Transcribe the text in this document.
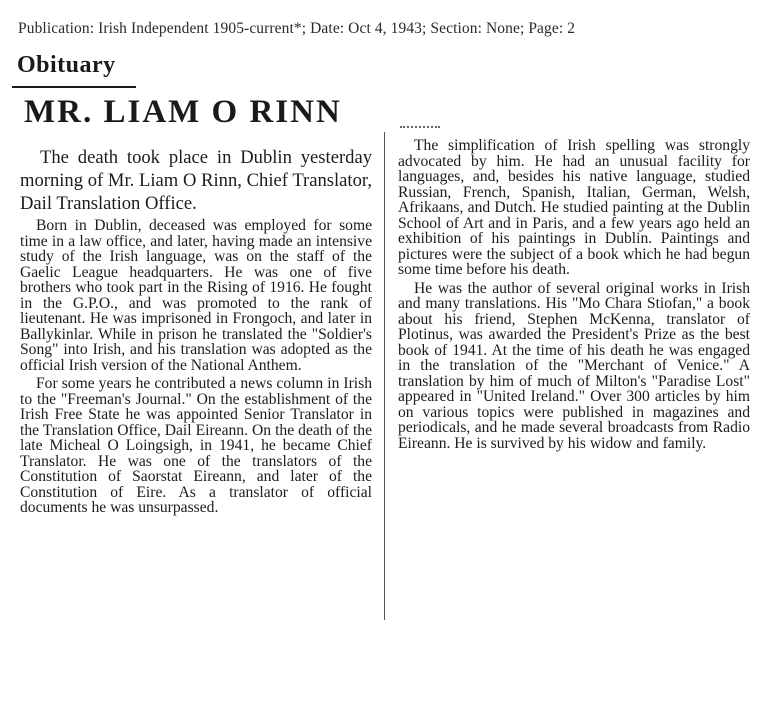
Publication: Irish Independent 1905-current*; Date: Oct 4, 1943; Section: None; Page: 2
Obituary
MR. LIAM O RINN

The death took place in Dublin yesterday morning of Mr. Liam O Rinn, Chief Translator, Dail Translation Office.

Born in Dublin, deceased was employed for some time in a law office, and later, having made an intensive study of the Irish language, was on the staff of the Gaelic League headquarters. He was one of five brothers who took part in the Rising of 1916. He fought in the G.P.O., and was promoted to the rank of lieutenant. He was imprisoned in Frongoch, and later in Ballykinlar. While in prison he translated the "Soldier's Song" into Irish, and his translation was adopted as the official Irish version of the National Anthem.

For some years he contributed a news column in Irish to the "Freeman's Journal." On the establishment of the Irish Free State he was appointed Senior Translator in the Translation Office, Dail Eireann. On the death of the late Micheal O Loingsigh, in 1941, he became Chief Translator. He was one of the translators of the Constitution of Saorstat Eireann, and later of the Constitution of Eire. As a translator of official documents he was unsurpassed.

The simplification of Irish spelling was strongly advocated by him. He had an unusual facility for languages, and, besides his native language, studied Russian, French, Spanish, Italian, German, Welsh, Afrikaans, and Dutch. He studied painting at the Dublin School of Art and in Paris, and a few years ago held an exhibition of his paintings in Dublin. Paintings and pictures were the subject of a book which he had begun some time before his death.

He was the author of several original works in Irish and many translations. His "Mo Chara Stiofan," a book about his friend, Stephen McKenna, translator of Plotinus, was awarded the President's Prize as the best book of 1941. At the time of his death he was engaged in the translation of the "Merchant of Venice." A translation by him of much of Milton's "Paradise Lost" appeared in "United Ireland." Over 300 articles by him on various topics were published in magazines and periodicals, and he made several broadcasts from Radio Eireann. He is survived by his widow and family.
